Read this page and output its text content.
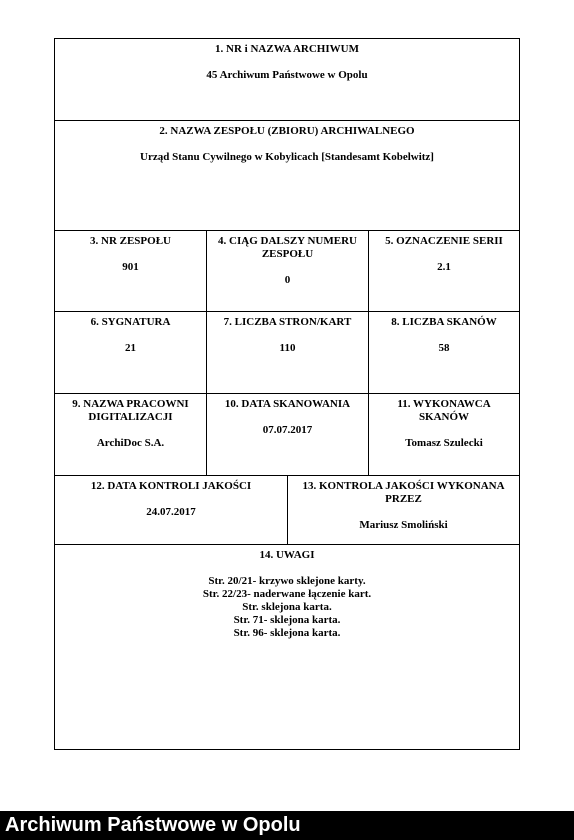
1. NR i NAZWA ARCHIWUM
45 Archiwum Państwowe w Opolu
2. NAZWA ZESPOŁU (ZBIORU) ARCHIWALNEGO
Urząd Stanu Cywilnego w Kobylicach [Standesamt Kobelwitz]
3. NR ZESPOŁU
901
4. CIĄG DALSZY NUMERU ZESPOŁU
0
5. OZNACZENIE SERII
2.1
6. SYGNATURA
21
7. LICZBA STRON/KART
110
8. LICZBA SKANÓW
58
9. NAZWA PRACOWNI DIGITALIZACJI
ArchiDoc S.A.
10. DATA SKANOWANIA
07.07.2017
11. WYKONAWCA SKANÓW
Tomasz Szulecki
12. DATA KONTROLI JAKOŚCI
24.07.2017
13. KONTROLA JAKOŚCI WYKONANA PRZEZ
Mariusz Smoliński
14. UWAGI
Str. 20/21- krzywo sklejone karty.
Str. 22/23- naderwane łączenie kart.
Str. sklejona karta.
Str. 71- sklejona karta.
Str. 96- sklejona karta.
Archiwum Państwowe w Opolu
